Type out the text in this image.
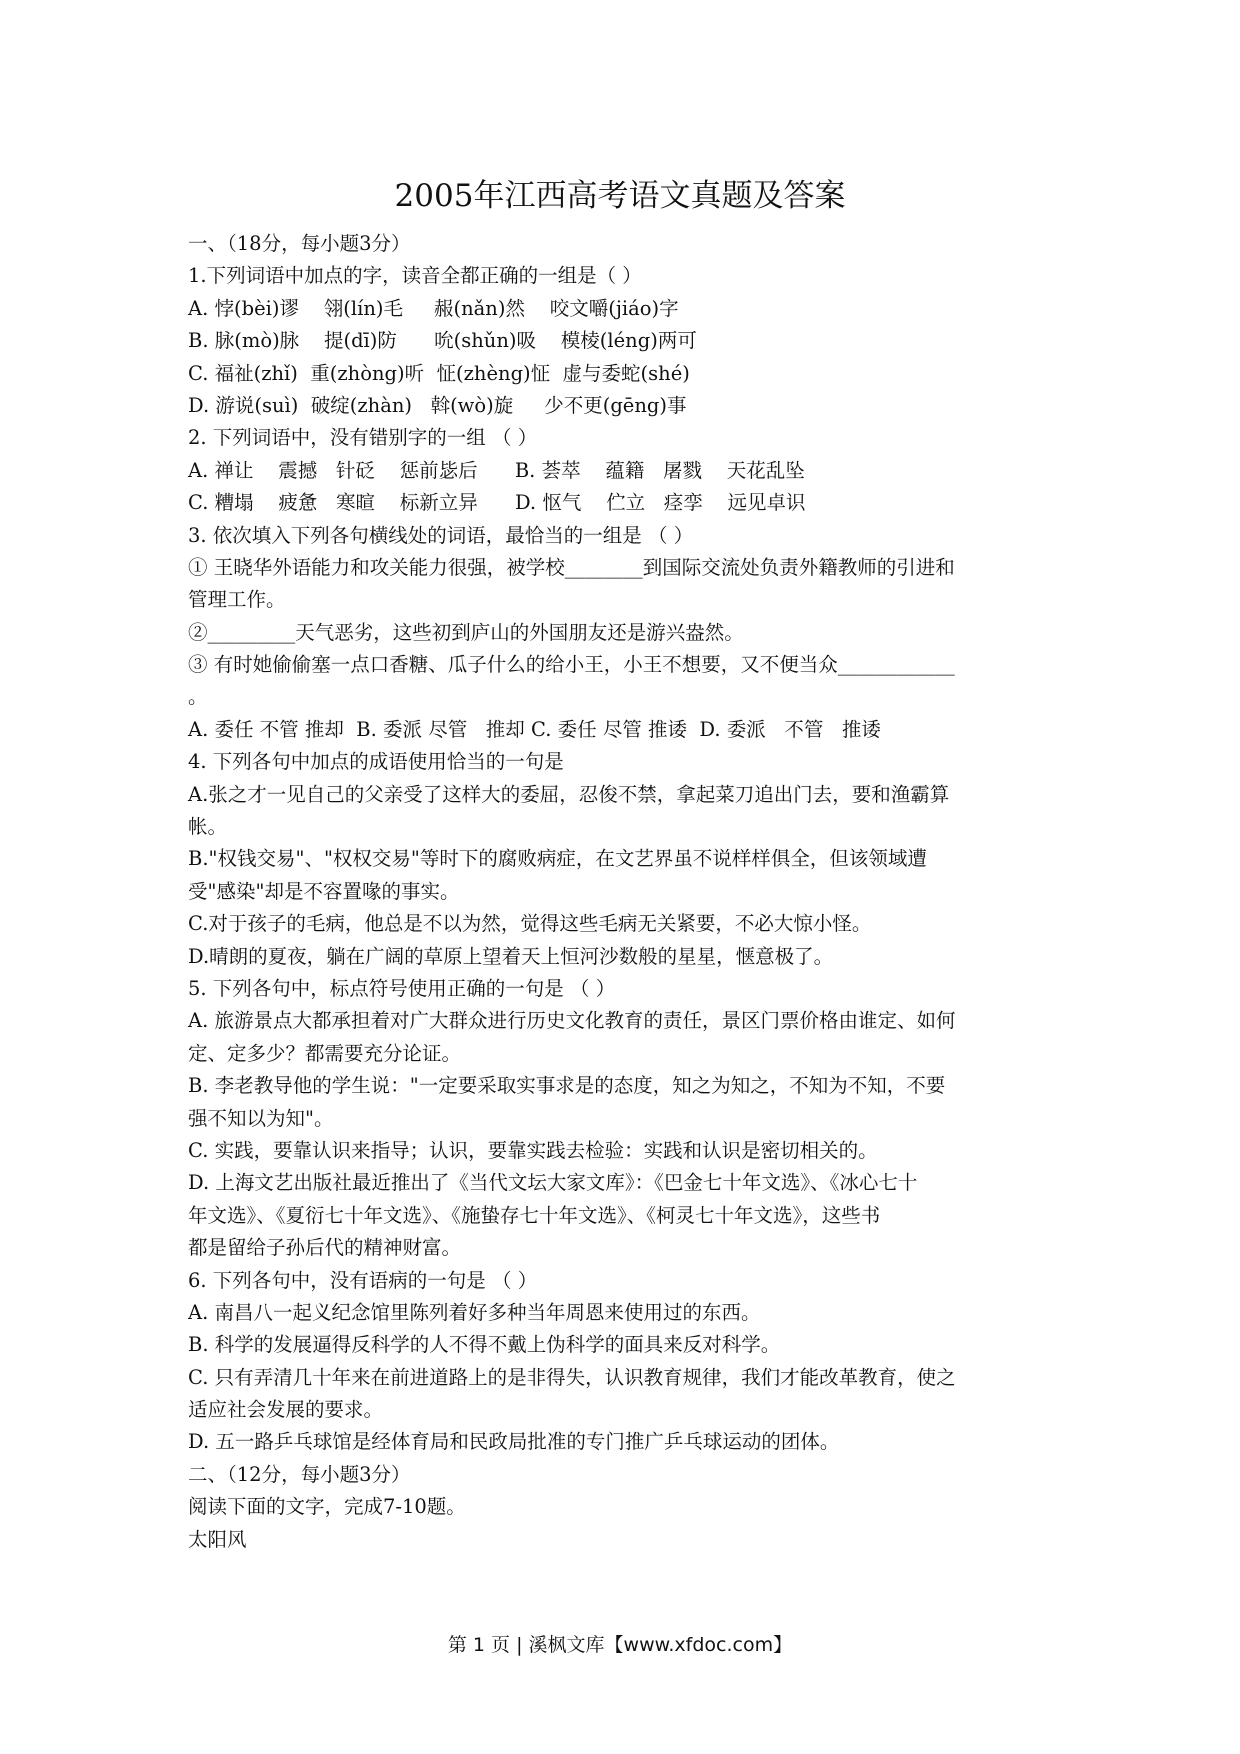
2005年江西高考语文真题及答案
一、（18分，每小题3分）
1.下列词语中加点的字，读音全都正确的一组是（ ）
A. 悖(bèi)谬    翎(lín)毛     赧(nǎn)然    咬文嚼(jiáo)字
B. 脉(mò)脉    提(dī)防      吮(shǔn)吸    模棱(léng)两可
C. 福祉(zhǐ)  重(zhòng)听  怔(zhèng)怔  虚与委蛇(shé)
D. 游说(suì)  破绽(zhàn)   斡(wò)旋     少不更(gēng)事
2. 下列词语中，没有错别字的一组 （ ）
A. 禅让    震撼   针砭    惩前毖后      B. 荟萃    蕴籍   屠戮    天花乱坠
C. 糟塌    疲惫   寒暄    标新立异      D. 怄气    伫立   痉孪    远见卓识
3. 依次填入下列各句横线处的词语，最恰当的一组是 （ ）
① 王晓华外语能力和攻关能力很强，被学校________到国际交流处负责外籍教师的引进和
管理工作。
②_________天气恶劣，这些初到庐山的外国朋友还是游兴盎然。
③ 有时她偷偷塞一点口香糖、瓜子什么的给小王，小王不想要，又不便当众____________
。
A. 委任 不管 推却  B. 委派 尽管   推却 C. 委任 尽管 推诿  D. 委派   不管   推诿
4. 下列各句中加点的成语使用恰当的一句是
A.张之才一见自己的父亲受了这样大的委屈，忍俊不禁，拿起菜刀追出门去，要和渔霸算
帐。
B."权钱交易"、"权权交易"等时下的腐败病症，在文艺界虽不说样样俱全，但该领域遭
受"感染"却是不容置喙的事实。
C.对于孩子的毛病，他总是不以为然，觉得这些毛病无关紧要，不必大惊小怪。
D.晴朗的夏夜，躺在广阔的草原上望着天上恒河沙数般的星星，惬意极了。
5. 下列各句中，标点符号使用正确的一句是 （ ）
A. 旅游景点大都承担着对广大群众进行历史文化教育的责任，景区门票价格由谁定、如何
定、定多少？都需要充分论证。
B. 李老教导他的学生说："一定要采取实事求是的态度，知之为知之，不知为不知，不要
强不知以为知"。
C. 实践，要靠认识来指导；认识，要靠实践去检验：实践和认识是密切相关的。
D. 上海文艺出版社最近推出了《当代文坛大家文库》：《巴金七十年文选》、《冰心七十
年文选》、《夏衍七十年文选》、《施蛰存七十年文选》、《柯灵七十年文选》，这些书
都是留给子孙后代的精神财富。
6. 下列各句中，没有语病的一句是 （ ）
A. 南昌八一起义纪念馆里陈列着好多种当年周恩来使用过的东西。
B. 科学的发展逼得反科学的人不得不戴上伪科学的面具来反对科学。
C. 只有弄清几十年来在前进道路上的是非得失，认识教育规律，我们才能改革教育，使之
适应社会发展的要求。
D. 五一路乒乓球馆是经体育局和民政局批准的专门推广乒乓球运动的团体。
二、（12分，每小题3分）
阅读下面的文字，完成7-10题。
太阳风
第 1 页 | 溪枫文库【www.xfdoc.com】
